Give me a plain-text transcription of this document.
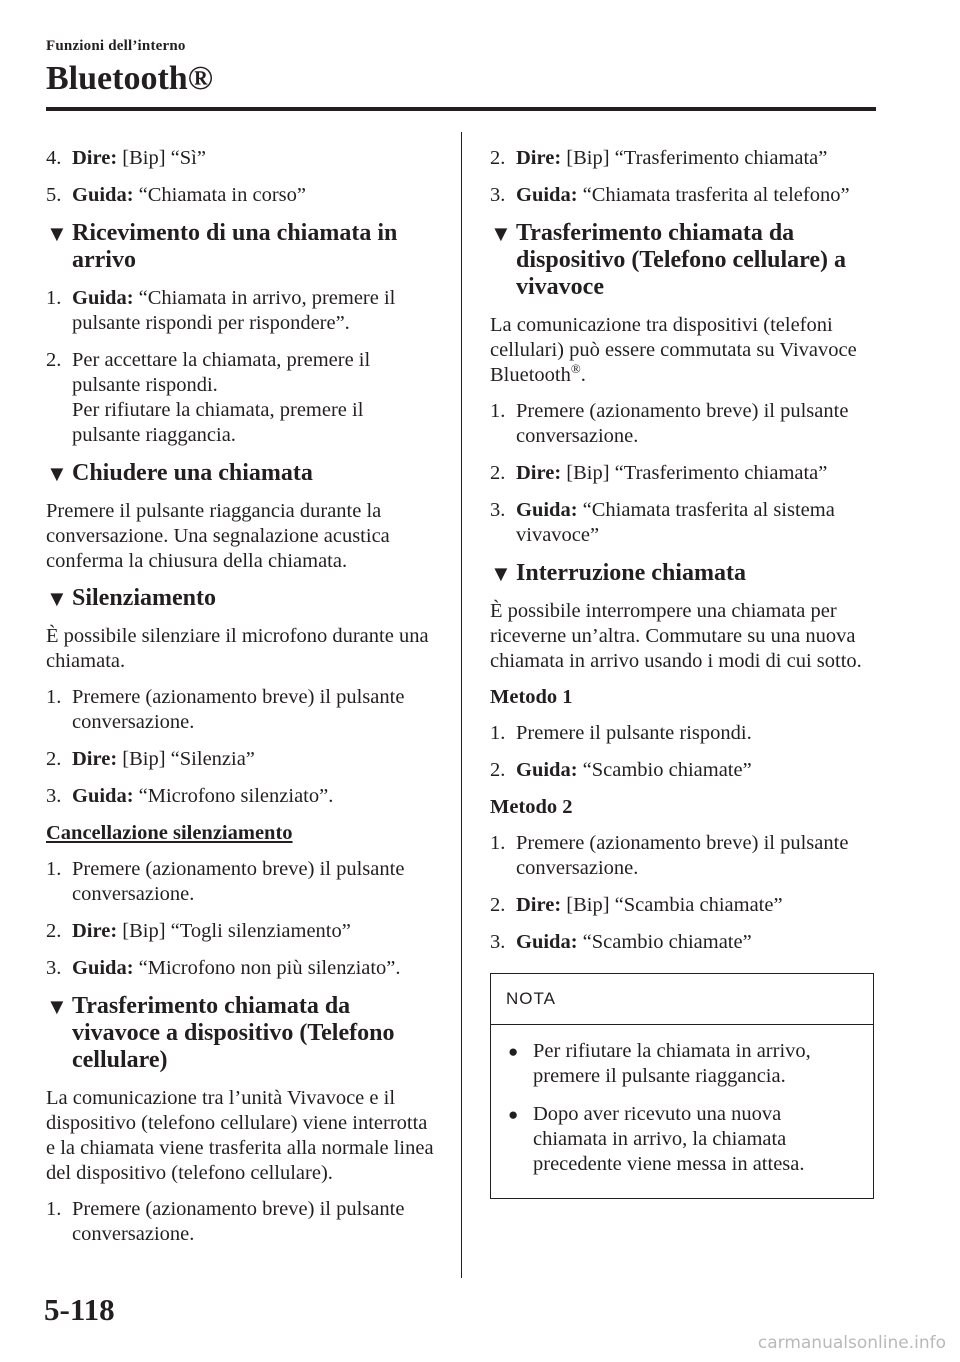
Funzioni dell’interno
Bluetooth®
4. Dire: [Bip] “Sì”
5. Guida: “Chiamata in corso”
▼ Ricevimento di una chiamata in arrivo
1. Guida: “Chiamata in arrivo, premere il pulsante rispondi per rispondere”.
2. Per accettare la chiamata, premere il pulsante rispondi.
Per rifiutare la chiamata, premere il pulsante riaggancia.
▼ Chiudere una chiamata

Premere il pulsante riaggancia durante la conversazione. Una segnalazione acustica conferma la chiusura della chiamata.

▼ Silenziamento

È possibile silenziare il microfono durante una chiamata.

1. Premere (azionamento breve) il pulsante conversazione.
2. Dire: [Bip] “Silenzia”
3. Guida: “Microfono silenziato”.
Cancellazione silenziamento
1. Premere (azionamento breve) il pulsante conversazione.
2. Dire: [Bip] “Togli silenziamento”
3. Guida: “Microfono non più silenziato”.
▼ Trasferimento chiamata da vivavoce a dispositivo (Telefono cellulare)

La comunicazione tra l’unità Vivavoce e il dispositivo (telefono cellulare) viene interrotta e la chiamata viene trasferita alla normale linea del dispositivo (telefono cellulare).

1. Premere (azionamento breve) il pulsante conversazione.
2. Dire: [Bip] “Trasferimento chiamata”
3. Guida: “Chiamata trasferita al telefono”
▼ Trasferimento chiamata da dispositivo (Telefono cellulare) a vivavoce

La comunicazione tra dispositivi (telefoni cellulari) può essere commutata su Vivavoce Bluetooth®.

1. Premere (azionamento breve) il pulsante conversazione.
2. Dire: [Bip] “Trasferimento chiamata”
3. Guida: “Chiamata trasferita al sistema vivavoce”
▼ Interruzione chiamata

È possibile interrompere una chiamata per riceverne un’altra. Commutare su una nuova chiamata in arrivo usando i modi di cui sotto.

Metodo 1
1. Premere il pulsante rispondi.
2. Guida: “Scambio chiamate”
Metodo 2
1. Premere (azionamento breve) il pulsante conversazione.
2. Dire: [Bip] “Scambia chiamate”
3. Guida: “Scambio chiamate”
NOTA
● Per rifiutare la chiamata in arrivo, premere il pulsante riaggancia.
● Dopo aver ricevuto una nuova chiamata in arrivo, la chiamata precedente viene messa in attesa.
5-118
carmanualsonline.info
